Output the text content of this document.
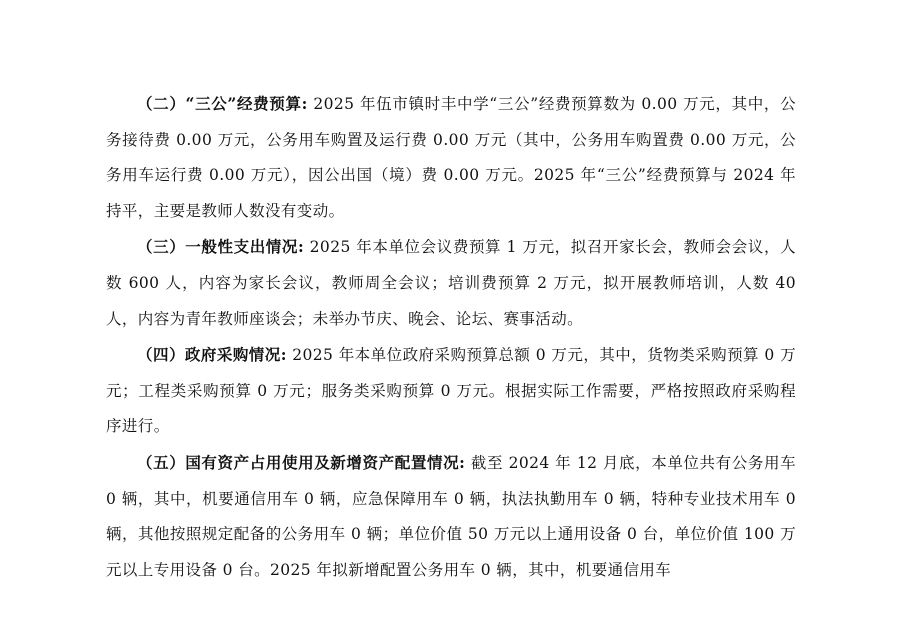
（二）“三公”经费预算: 2025 年伍市镇时丰中学“三公”经费预算数为 0.00 万元，其中，公务接待费 0.00 万元，公务用车购置及运行费 0.00 万元（其中，公务用车购置费 0.00 万元，公务用车运行费 0.00 万元），因公出国（境）费 0.00 万元。2025 年“三公”经费预算与 2024 年持平，主要是教师人数没有变动。

（三）一般性支出情况: 2025 年本单位会议费预算 1 万元，拟召开家长会，教师会会议，人数 600 人，内容为家长会议，教师周全会议；培训费预算 2 万元，拟开展教师培训，人数 40 人，内容为青年教师座谈会；未举办节庆、晚会、论坛、赛事活动。

（四）政府采购情况: 2025 年本单位政府采购预算总额 0 万元，其中，货物类采购预算 0 万元；工程类采购预算 0 万元；服务类采购预算 0 万元。根据实际工作需要，严格按照政府采购程序进行。

（五）国有资产占用使用及新增资产配置情况: 截至 2024 年 12 月底，本单位共有公务用车 0 辆，其中，机要通信用车 0 辆，应急保障用车 0 辆，执法执勤用车 0 辆，特种专业技术用车 0 辆，其他按照规定配备的公务用车 0 辆；单位价值 50 万元以上通用设备 0 台，单位价值 100 万元以上专用设备 0 台。2025 年拟新增配置公务用车 0 辆，其中，机要通信用车
